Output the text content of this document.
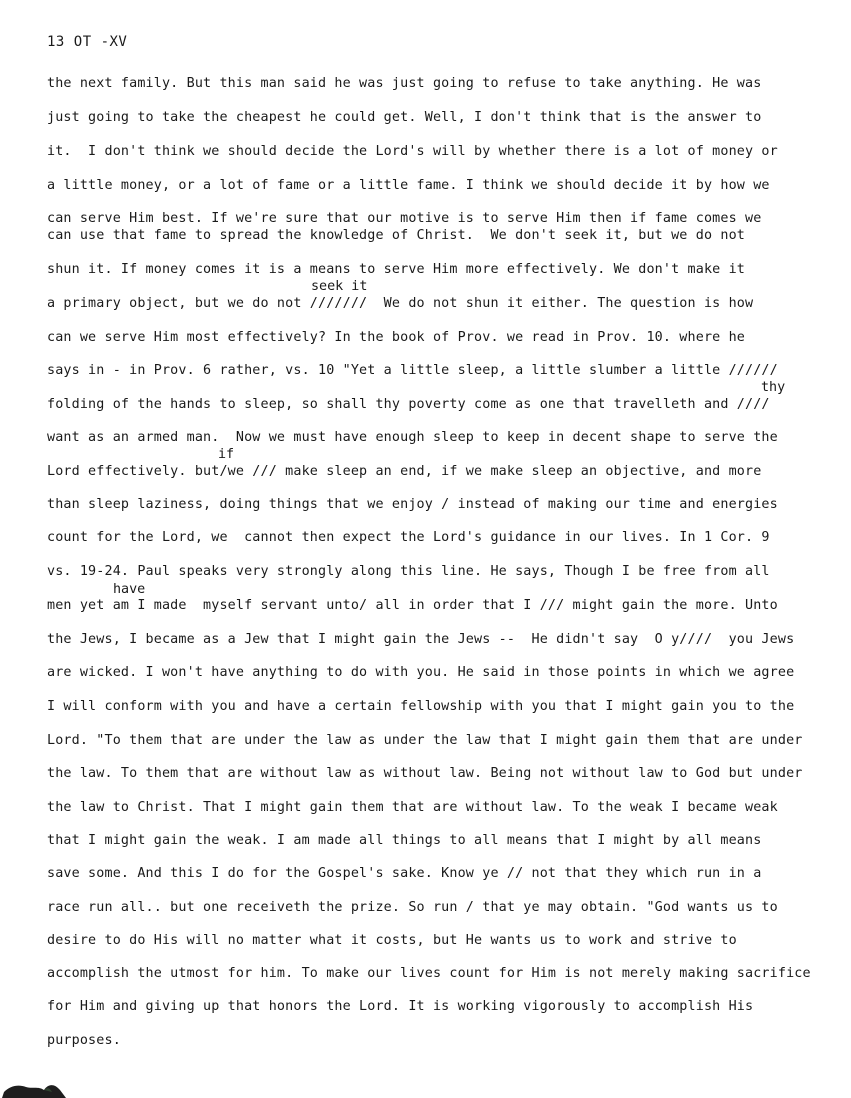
13 OT -XV
seek it
thy
if
have
the next family. But this man said he was just going to refuse to take anything. He was
just going to take the cheapest he could get. Well, I don't think that is the answer to
it.  I don't think we should decide the Lord's will by whether there is a lot of money or
a little money, or a lot of fame or a little fame. I think we should decide it by how we
can serve Him best. If we're sure that our motive is to serve Him then if fame comes we
can use that fame to spread the knowledge of Christ.  We don't seek it, but we do not
shun it. If money comes it is a means to serve Him more effectively. We don't make it
a primary object, but we do not ///////  We do not shun it either. The question is how
can we serve Him most effectively? In the book of Prov. we read in Prov. 10. where he
says in - in Prov. 6 rather, vs. 10 "Yet a little sleep, a little slumber a little //////
folding of the hands to sleep, so shall thy poverty come as one that travelleth and ////
want as an armed man.  Now we must have enough sleep to keep in decent shape to serve the
Lord effectively. but/we /// make sleep an end, if we make sleep an objective, and more
than sleep laziness, doing things that we enjoy / instead of making our time and energies
count for the Lord, we  cannot then expect the Lord's guidance in our lives. In 1 Cor. 9
vs. 19-24. Paul speaks very strongly along this line. He says, Though I be free from all
men yet am I made  myself servant unto/ all in order that I /// might gain the more. Unto
the Jews, I became as a Jew that I might gain the Jews --  He didn't say  O y////  you Jews
are wicked. I won't have anything to do with you. He said in those points in which we agree
I will conform with you and have a certain fellowship with you that I might gain you to the
Lord. "To them that are under the law as under the law that I might gain them that are under
the law. To them that are without law as without law. Being not without law to God but under
the law to Christ. That I might gain them that are without law. To the weak I became weak
that I might gain the weak. I am made all things to all means that I might by all means
save some. And this I do for the Gospel's sake. Know ye // not that they which run in a
race run all.. but one receiveth the prize. So run / that ye may obtain. "God wants us to
desire to do His will no matter what it costs, but He wants us to work and strive to
accomplish the utmost for him. To make our lives count for Him is not merely making sacrifice
for Him and giving up that honors the Lord. It is working vigorously to accomplish His
purposes.
